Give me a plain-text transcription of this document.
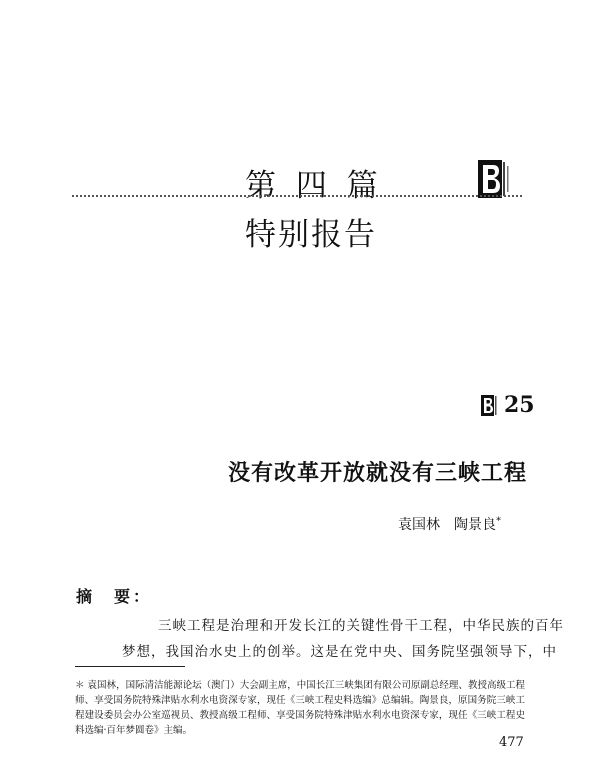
第 四 篇
特别报告
25
没有改革开放就没有三峡工程
袁国林　陶景良*
摘　要：
三峡工程是治理和开发长江的关键性骨干工程，中华民族的百年
梦想，我国治水史上的创举。这是在党中央、国务院坚强领导下，中
＊ 袁国林，国际清洁能源论坛（澳门）大会副主席，中国长江三峡集团有限公司原副总经理、教授高级工程师、享受国务院特殊津贴水利水电资深专家，现任《三峡工程史料选编》总编辑。陶景良，原国务院三峡工程建设委员会办公室巡视员、教授高级工程师、享受国务院特殊津贴水利水电资深专家，现任《三峡工程史料选编·百年梦圆卷》主编。
477
